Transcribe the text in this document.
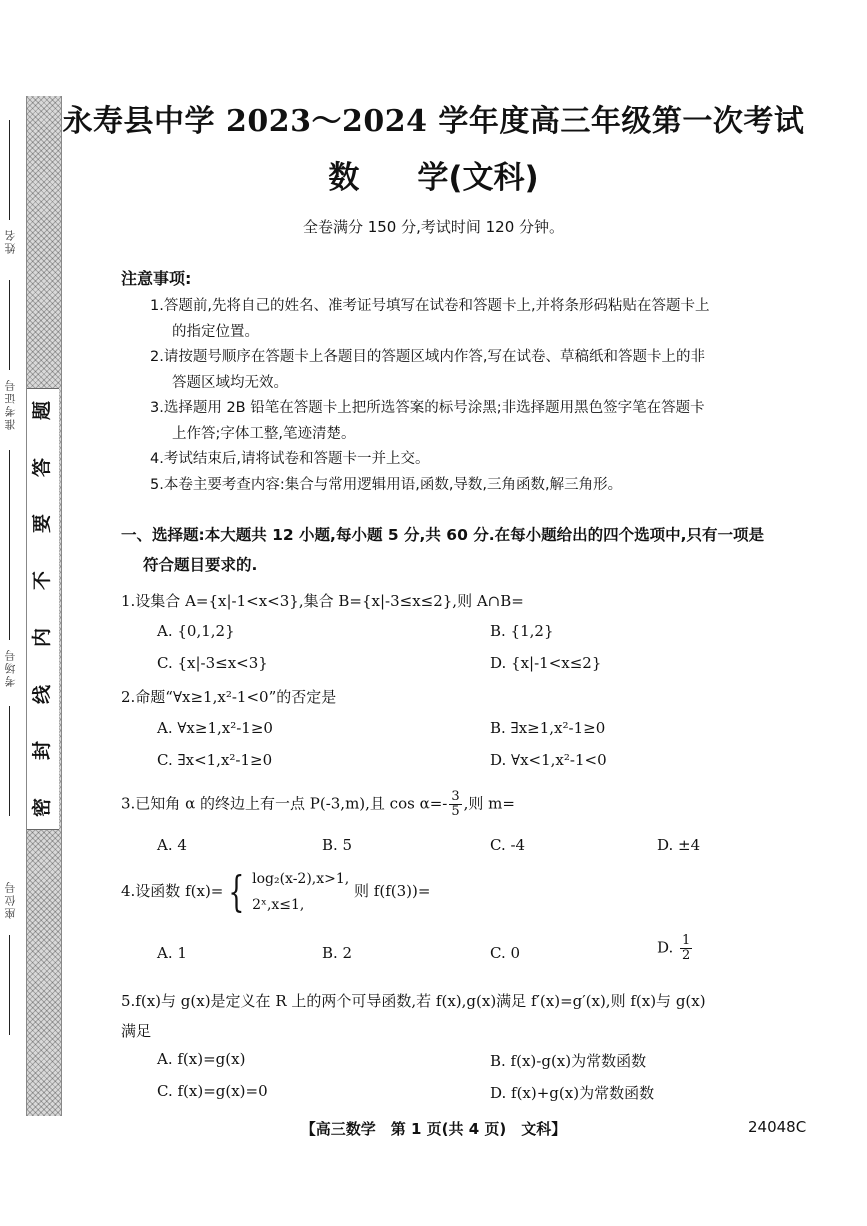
题
答
要
不
内
线
封
密
姓名
准考证号
考场号
座位号
永寿县中学 2023～2024 学年度高三年级第一次考试
数 学(文科)
全卷满分 150 分,考试时间 120 分钟。
注意事项:

1.答题前,先将自己的姓名、准考证号填写在试卷和答题卡上,并将条形码粘贴在答题卡上
的指定位置。

2.请按题号顺序在答题卡上各题目的答题区域内作答,写在试卷、草稿纸和答题卡上的非
答题区域均无效。

3.选择题用 2B 铅笔在答题卡上把所选答案的标号涂黑;非选择题用黑色签字笔在答题卡
上作答;字体工整,笔迹清楚。

4.考试结束后,请将试卷和答题卡一并上交。

5.本卷主要考查内容:集合与常用逻辑用语,函数,导数,三角函数,解三角形。

一、选择题:本大题共 12 小题,每小题 5 分,共 60 分.在每小题给出的四个选项中,只有一项是
符合题目要求的.
1.设集合 A={x|-1<x<3},集合 B={x|-3≤x≤2},则 A∩B=
A. {0,1,2}	B. {1,2}
C. {x|-3≤x<3}	D. {x|-1<x≤2}
2.命题“∀x≥1,x²-1<0”的否定是
A. ∀x≥1,x²-1≥0	B. ∃x≥1,x²-1≥0
C. ∃x<1,x²-1≥0	D. ∀x<1,x²-1<0
3.已知角 α 的终边上有一点 P(-3,m),且 $\cos \alpha=- \frac{3}{5}$ ,则 m=
A. 4	B. 5	C. -4	D. ±4
4.设函数 f(x)= { log₂(x-2),x>1,
2ˣ,x≤1,
则 f(f(3))=
A. 1	B. 2	C. 0	D. $\frac{1}{2}$
5.f(x)与 g(x)是定义在 R 上的两个可导函数,若 f(x),g(x)满足 f′(x)=g′(x),则 f(x)与 g(x)
满足
A. f(x)=g(x)	B. f(x)-g(x)为常数函数
C. f(x)=g(x)=0	D. f(x)+g(x)为常数函数
【高三数学　第 1 页(共 4 页)　文科】	24048C
